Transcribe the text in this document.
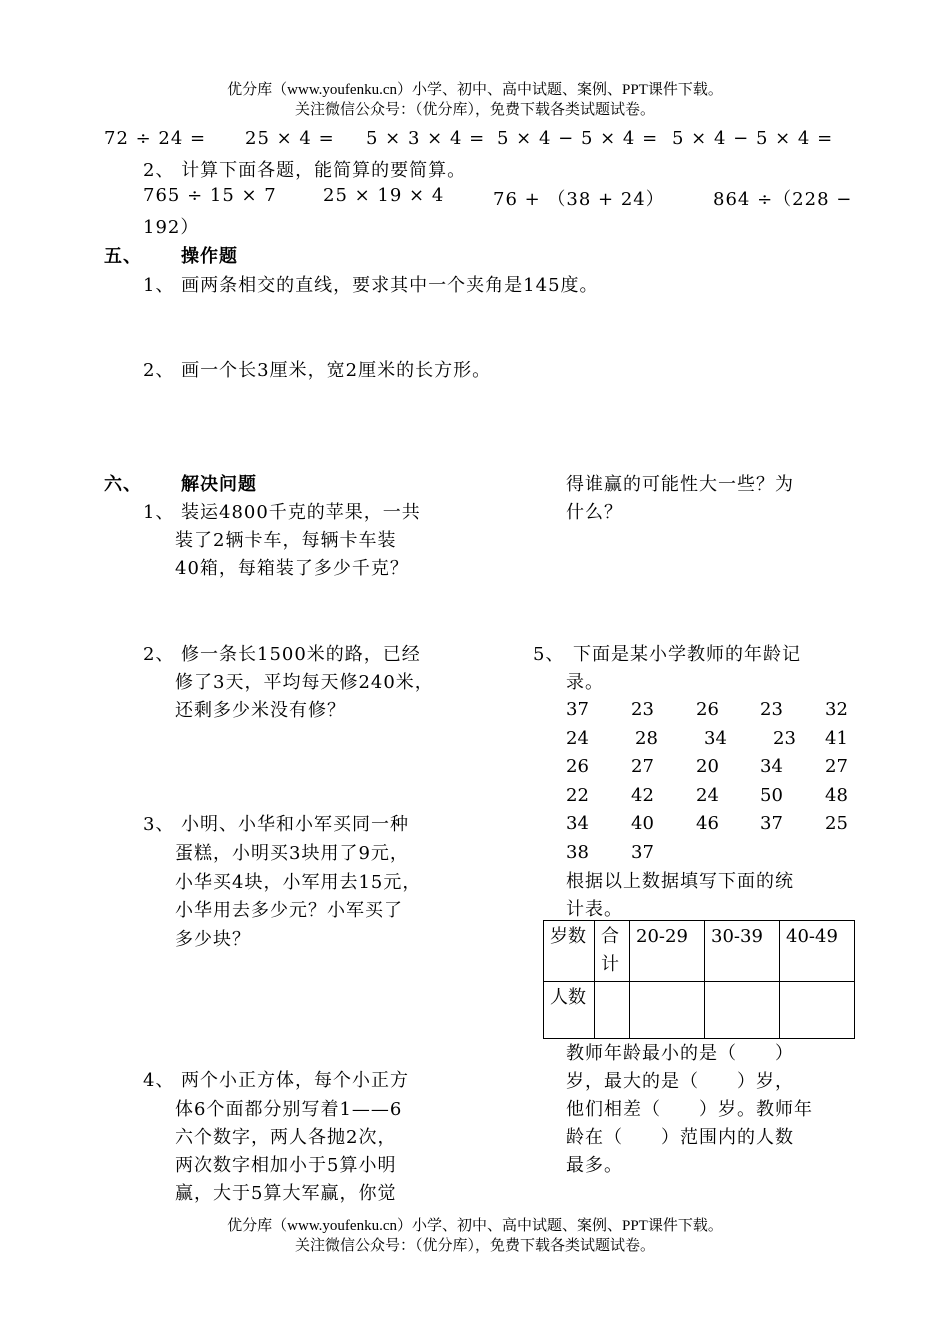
优分库（www.youfenku.cn）小学、初中、高中试题、案例、PPT课件下载。
关注微信公众号：（优分库），免费下载各类试题试卷。
72 ÷ 24 = 25 × 4 = 5 × 3 × 4 = 5 × 4 − 5 × 4 = 5 × 4 − 5 × 4 =
2、 计算下面各题，能简算的要简算。
765 ÷ 15 × 7	25 × 19 × 4	76 + （38 + 24）	864 ÷（228 −
192）
五、 操作题
1、 画两条相交的直线，要求其中一个夹角是145度。
2、 画一个长3厘米，宽2厘米的长方形。
六、 解决问题
1、 装运4800千克的苹果，一共
装了2辆卡车，每辆卡车装
40箱，每箱装了多少千克？
2、 修一条长1500米的路，已经
修了3天，平均每天修240米，
还剩多少米没有修？
3、 小明、小华和小军买同一种
蛋糕，小明买3块用了9元，
小华买4块，小军用去15元，
小华用去多少元？小军买了
多少块？
4、 两个小正方体，每个小正方
体6个面都分别写着1——6
六个数字，两人各抛2次，
两次数字相加小于5算小明
赢，大于5算大军赢，你觉
得谁赢的可能性大一些？为
什么？
5、 下面是某小学教师的年龄记
录。
37	23	26	23	32
24	28	34	23	41
26	27	20	34	27
22	42	24	50	48
34	40	46	37	25
38	37
根据以上数据填写下面的统
计表。
岁数	合计	20-29	30-39	40-49
人数				
教师年龄最小的是（　　）
岁，最大的是（　　）岁，
他们相差（　　）岁。教师年
龄在（　　）范围内的人数
最多。
优分库（www.youfenku.cn）小学、初中、高中试题、案例、PPT课件下载。
关注微信公众号：（优分库），免费下载各类试题试卷。
